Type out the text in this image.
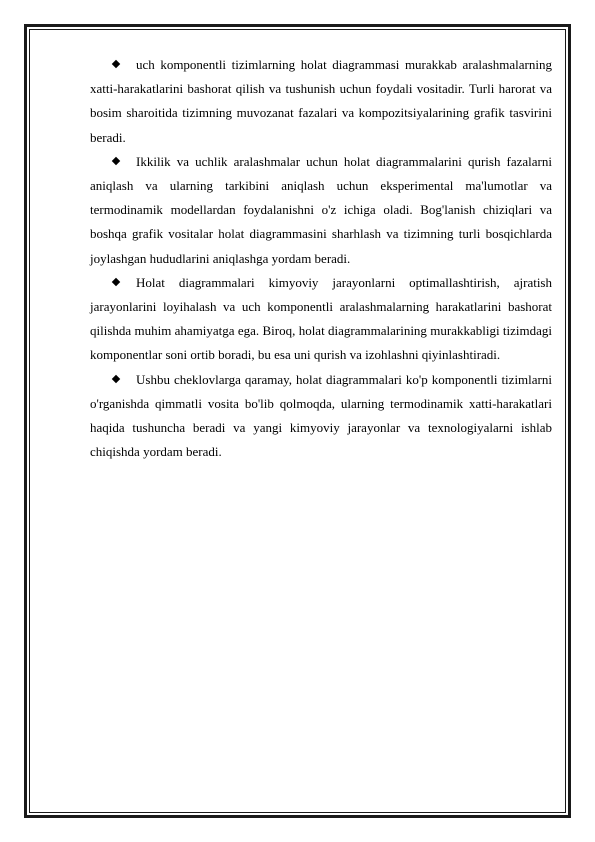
uch komponentli tizimlarning holat diagrammasi murakkab aralashmalarning xatti-harakatlarini bashorat qilish va tushunish uchun foydali vositadir. Turli harorat va bosim sharoitida tizimning muvozanat fazalari va kompozitsiyalarining grafik tasvirini beradi.

Ikkilik va uchlik aralashmalar uchun holat diagrammalarini qurish fazalarni aniqlash va ularning tarkibini aniqlash uchun eksperimental ma'lumotlar va termodinamik modellardan foydalanishni o'z ichiga oladi. Bog'lanish chiziqlari va boshqa grafik vositalar holat diagrammasini sharhlash va tizimning turli bosqichlarda joylashgan hududlarini aniqlashga yordam beradi.

Holat diagrammalari kimyoviy jarayonlarni optimallashtirish, ajratish jarayonlarini loyihalash va uch komponentli aralashmalarning harakatlarini bashorat qilishda muhim ahamiyatga ega. Biroq, holat diagrammalarining murakkabligi tizimdagi komponentlar soni ortib boradi, bu esa uni qurish va izohlashni qiyinlashtiradi.

Ushbu cheklovlarga qaramay, holat diagrammalari ko'p komponentli tizimlarni o'rganishda qimmatli vosita bo'lib qolmoqda, ularning termodinamik xatti-harakatlari haqida tushuncha beradi va yangi kimyoviy jarayonlar va texnologiyalarni ishlab chiqishda yordam beradi.
